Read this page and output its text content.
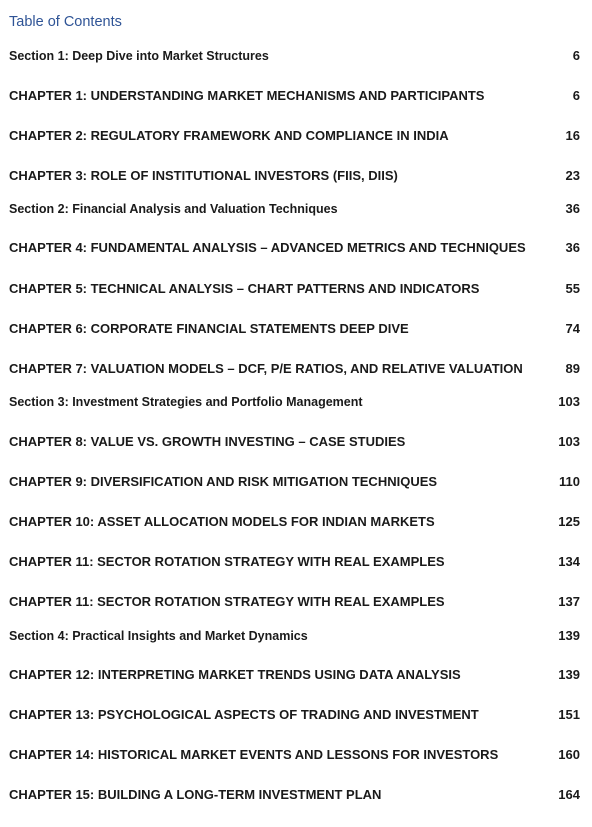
Table of Contents
Section 1: Deep Dive into Market Structures	6
CHAPTER 1: UNDERSTANDING MARKET MECHANISMS AND PARTICIPANTS	6
CHAPTER 2: REGULATORY FRAMEWORK AND COMPLIANCE IN INDIA	16
CHAPTER 3: ROLE OF INSTITUTIONAL INVESTORS (FIIS, DIIS)	23
Section 2: Financial Analysis and Valuation Techniques	36
CHAPTER 4: FUNDAMENTAL ANALYSIS – ADVANCED METRICS AND TECHNIQUES	36
CHAPTER 5: TECHNICAL ANALYSIS – CHART PATTERNS AND INDICATORS	55
CHAPTER 6: CORPORATE FINANCIAL STATEMENTS DEEP DIVE	74
CHAPTER 7: VALUATION MODELS – DCF, P/E RATIOS, AND RELATIVE VALUATION	89
Section 3: Investment Strategies and Portfolio Management	103
CHAPTER 8: VALUE VS. GROWTH INVESTING – CASE STUDIES	103
CHAPTER 9: DIVERSIFICATION AND RISK MITIGATION TECHNIQUES	110
CHAPTER 10: ASSET ALLOCATION MODELS FOR INDIAN MARKETS	125
CHAPTER 11: SECTOR ROTATION STRATEGY WITH REAL EXAMPLES	134
CHAPTER 11: SECTOR ROTATION STRATEGY WITH REAL EXAMPLES	137
Section 4: Practical Insights and Market Dynamics	139
CHAPTER 12: INTERPRETING MARKET TRENDS USING DATA ANALYSIS	139
CHAPTER 13: PSYCHOLOGICAL ASPECTS OF TRADING AND INVESTMENT	151
CHAPTER 14: HISTORICAL MARKET EVENTS AND LESSONS FOR INVESTORS	160
CHAPTER 15: BUILDING A LONG-TERM INVESTMENT PLAN	164
